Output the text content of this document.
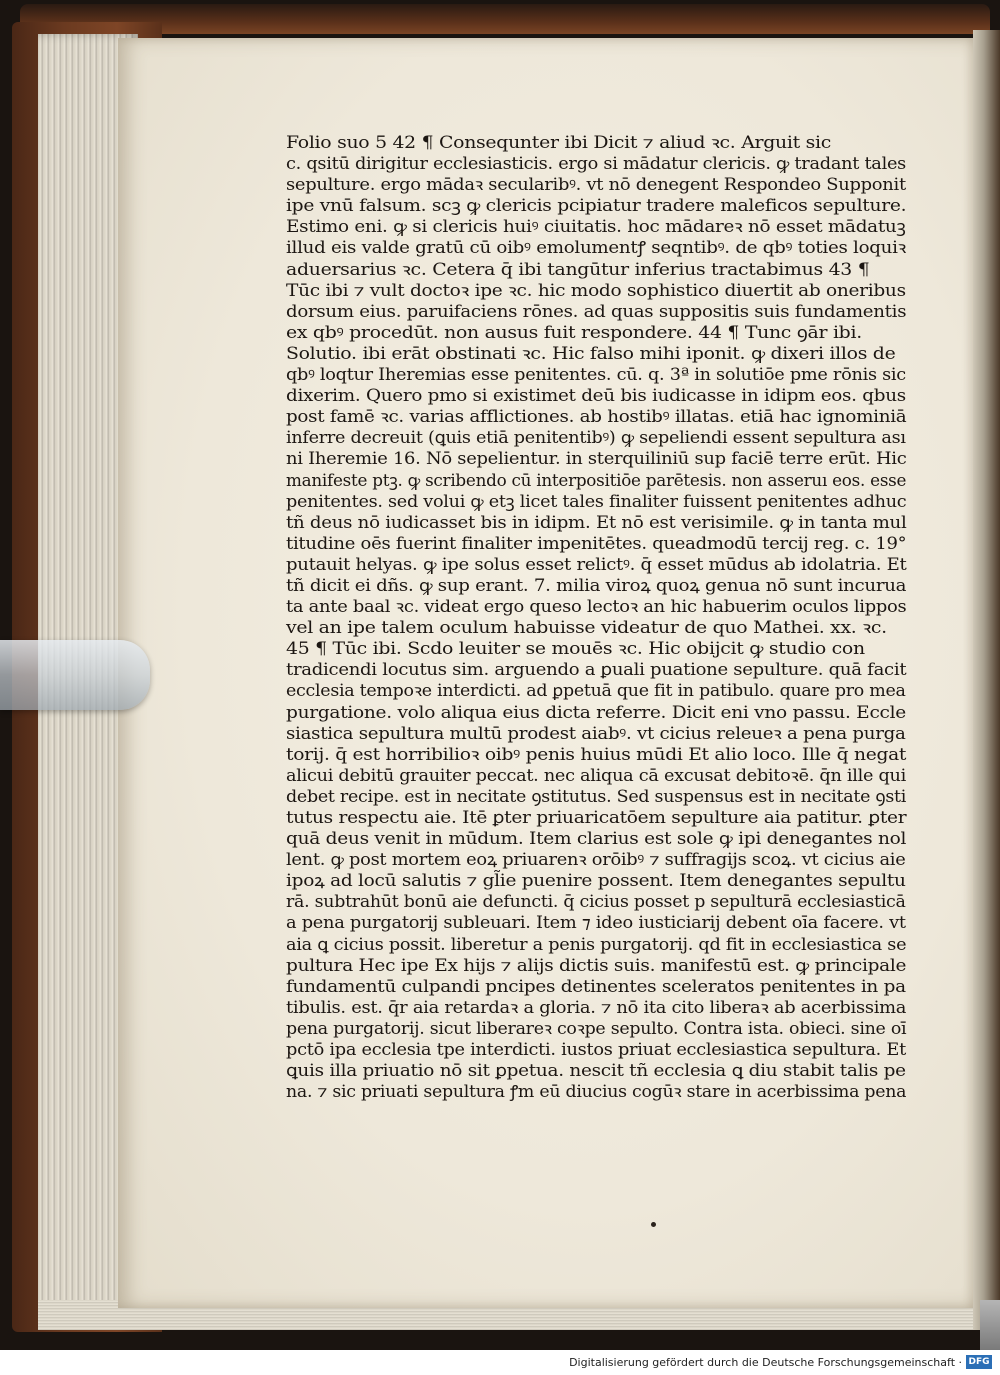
Folio suo 5 42 ¶ Consequnter ibi Dicit ⁊ aliud ꝛc. Arguit sic
c. qsitū dirigitur ecclesiasticis. ergo si mādatur clericis. ꝙ tradant tales
sepulture. ergo mādaꝛ secularibꝰ. vt nō denegent Respondeo Supponit
ipe vnū falsum. scꝫ ꝙ clericis pcipiatur tradere maleficos sepulture.
Estimo eni. ꝙ si clericis huiꝰ ciuitatis. hoc mādareꝛ nō esset mādatuꝫ
illud eis valde gratū cū oibꝰ emolumentꝭ seqntibꝰ. de qbꝰ toties loquiꝛ
aduersarius ꝛc. Cetera q̄ ibi tangūtur inferius tractabimus 43 ¶
Tūc ibi ⁊ vult doctoꝛ ipe ꝛc. hic modo sophistico diuertit ab oneribus
dorsum eius. paruifaciens rōnes. ad quas suppositis suis fundamentis
ex qbꝰ procedūt. non ausus fuit respondere. 44 ¶ Tunc ꝯār ibi.
Solutio. ibi erāt obstinati ꝛc. Hic falso mihi iponit. ꝙ dixeri illos de
qbꝰ loqtur Iheremias esse penitentes. cū. q. 3ª in solutiōe pme rōnis sic
dixerim. Quero pmo si existimet deū bis iudicasse in idipm eos. qbus
post famē ꝛc. varias afflictiones. ab hostibꝰ illatas. etiā hac ignominiā
inferre decreuit (ꝗuis etiā penitentibꝰ) ꝙ sepeliendi essent sepultura ası
ni Iheremie 16. Nō sepelientur. in sterquiliniū sup faciē terre erūt. Hic
manifeste ptꝫ. ꝙ scribendo cū interpositiōe parētesis. non asseruı eos. esse
penitentes. sed volui ꝙ etꝫ licet tales finaliter fuissent penitentes adhuc
tñ deus nō iudicasset bis in idipm. Et nō est verisimile. ꝙ in tanta mul
titudine oēs fuerint finaliter impenitētes. queadmodū tercij reg. c. 19°
putauit helyas. ꝙ ipe solus esset relictꝰ. q̄ esset mūdus ab idolatria. Et
tñ dicit ei dñs. ꝙ sup erant. 7. milia viroꝝ quoꝝ genua nō sunt incurua
ta ante baal ꝛc. videat ergo queso lectoꝛ an hic habuerim oculos lippos
vel an ipe talem oculum habuisse videatur de quo Mathei. xx. ꝛc.
45 ¶ Tūc ibi. Scdo leuiter se mouēs ꝛc. Hic obijcit ꝙ studio con
tradicendi locutus sim. arguendo a ꝑuali puatione sepulture. quā facit
ecclesia tempoꝛe interdicti. ad ꝑpetuā que fit in patibulo. quare pro mea
purgatione. volo aliqua eius dicta referre. Dicit eni vno passu. Eccle
siastica sepultura multū prodest aiabꝰ. vt cicius releueꝛ a pena purga
torij. q̄ est horribilioꝛ oibꝰ penis huius mūdi Et alio loco. Ille q̄ negat
alicui debitū grauiter peccat. nec aliqua cā excusat debitoꝛē. q̄n ille qui
debet recipe. est in necitate ꝯstitutus. Sed suspensus est in necitate ꝯsti
tutus respectu aie. Itē ꝑter priuaricatōem sepulture aia patitur. ꝑter
quā deus venit in mūdum. Item clarius est sole ꝙ ipi denegantes nol
lent. ꝙ post mortem eoꝝ priuarenꝛ orōibꝰ ⁊ suffragijs scoꝝ. vt cicius aie
ipoꝝ ad locū salutis ⁊ gl̃ie puenire possent. Item denegantes sepultu
rā. subtrahūt bonū aie defuncti. q̄ cicius posset p sepulturā ecclesiasticā
a pena purgatorij subleuari. Item ⁊ ideo iusticiarij debent oīa facere. vt
aia ꝗ cicius possit. liberetur a penis purgatorij. qd fit in ecclesiastica se
pultura Hec ipe Ex hijs ⁊ alijs dictis suis. manifestū est. ꝙ principale
fundamentū culpandi pncipes detinentes sceleratos penitentes in pa
tibulis. est. q̄r aia retardaꝛ a gloria. ⁊ nō ita cito liberaꝛ ab acerbissima
pena purgatorij. sicut liberareꝛ coꝛpe sepulto. Contra ista. obieci. sine oī
pctō ipa ecclesia tpe interdicti. iustos priuat ecclesiastica sepultura. Et
ꝗuis illa priuatio nō sit ꝑpetua. nescit tñ ecclesia ꝗ diu stabit talis pe
na. ⁊ sic priuati sepultura ꝭm eū diucius cogūꝛ stare in acerbissima pena
Digitalisierung gefördert durch die Deutsche Forschungsgemeinschaft · DFG
